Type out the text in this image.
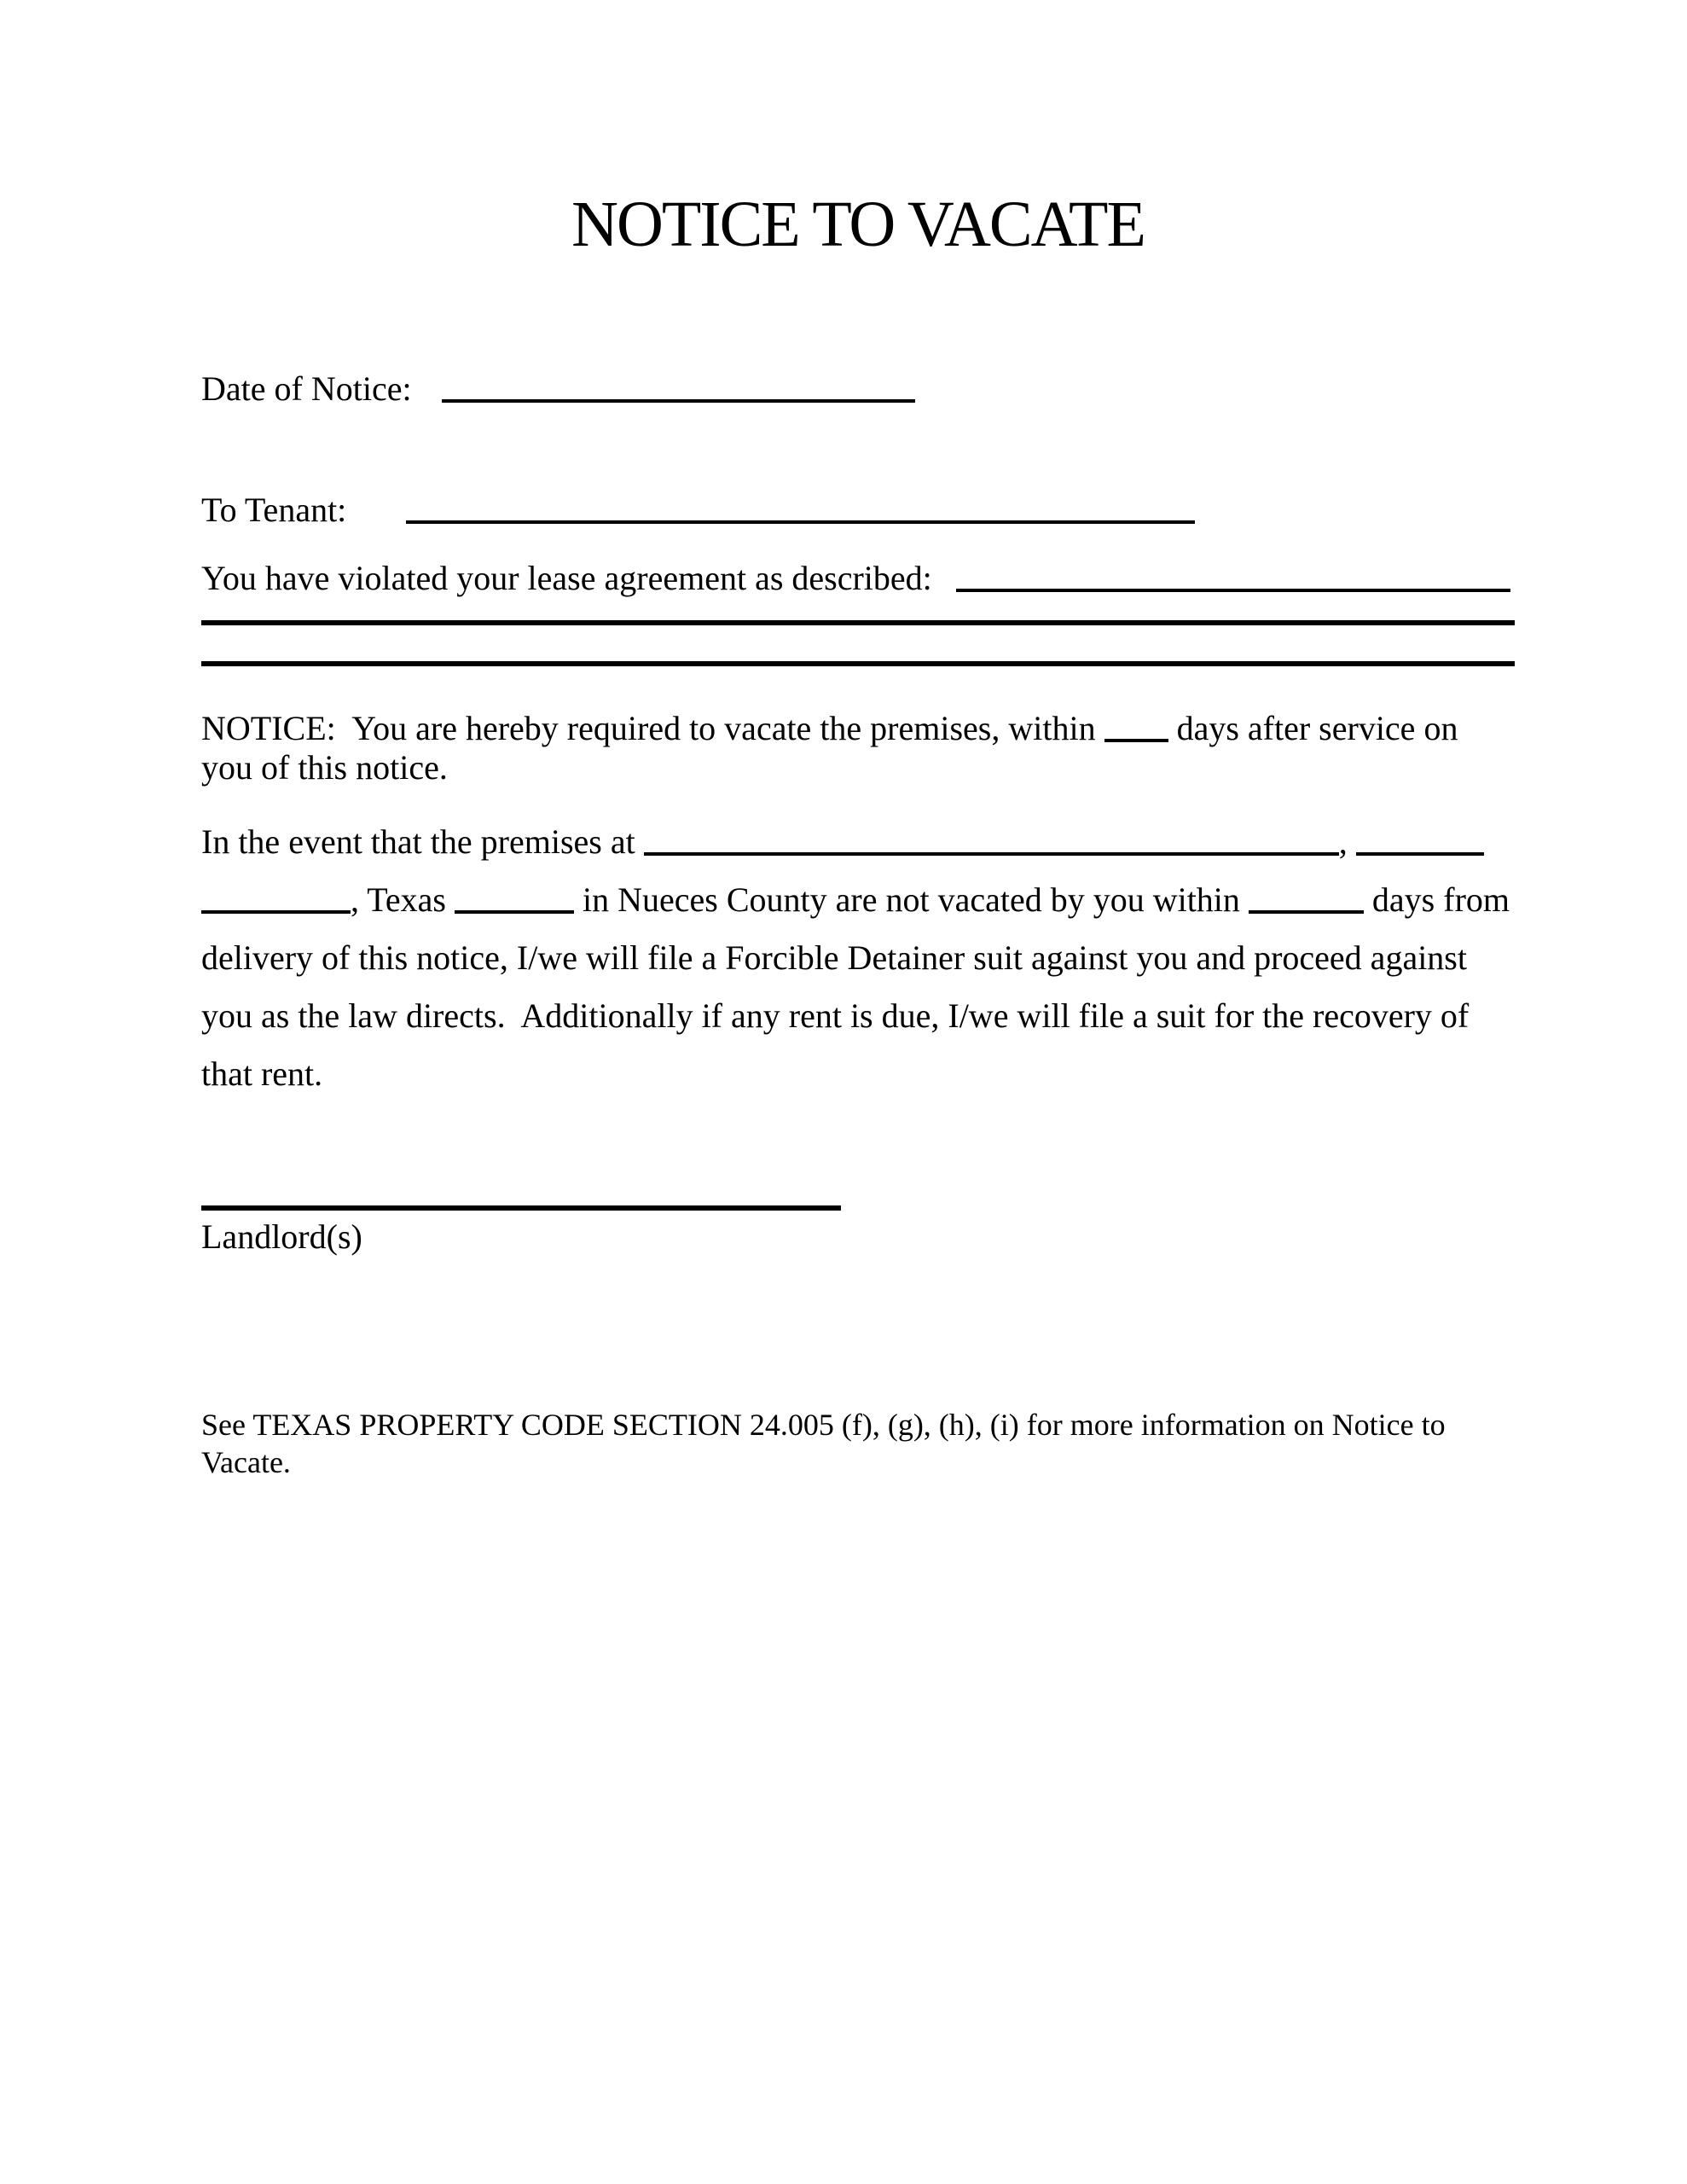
NOTICE TO VACATE
Date of Notice:
To Tenant:
You have violated your lease agreement as described:

NOTICE:  You are hereby required to vacate the premises, within days after service on you of this notice.

In the event that the premises at	,  , Texas	in Nueces County are not vacated by you within	days from delivery of this notice, I/we will file a Forcible Detainer suit against you and proceed against you as the law directs.  Additionally if any rent is due, I/we will file a suit for the recovery of that rent.

Landlord(s)

See TEXAS PROPERTY CODE SECTION 24.005 (f), (g), (h), (i) for more information on Notice to Vacate.
